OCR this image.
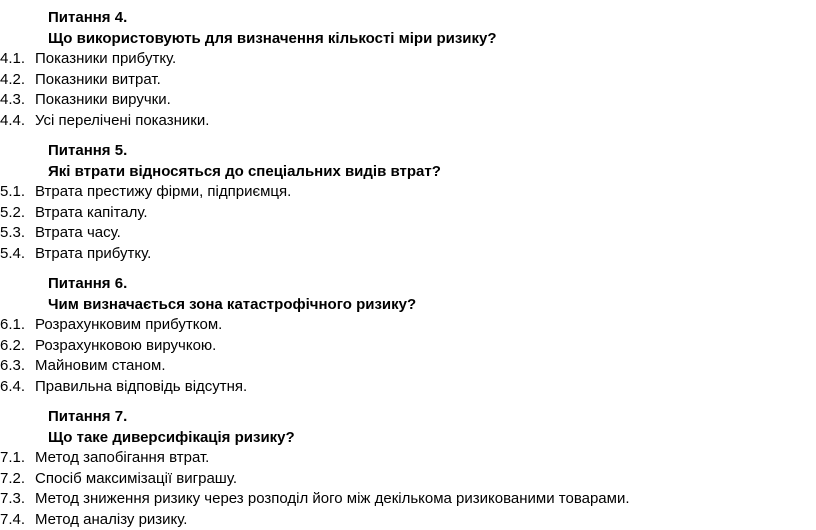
Питання 4.
Що використовують для визначення кількості міри ризику?
4.1. Показники прибутку.
4.2. Показники витрат.
4.3. Показники виручки.
4.4. Усі перелічені показники.
Питання 5.
Які втрати відносяться до спеціальних видів втрат?
5.1. Втрата престижу фірми, підприємця.
5.2. Втрата капіталу.
5.3. Втрата часу.
5.4. Втрата прибутку.
Питання 6.
Чим визначається зона катастрофічного ризику?
6.1. Розрахунковим прибутком.
6.2. Розрахунковою виручкою.
6.3. Майновим станом.
6.4. Правильна відповідь відсутня.
Питання 7.
Що таке диверсифікація ризику?
7.1. Метод запобігання втрат.
7.2. Спосіб максимізації виграшу.
7.3. Метод зниження ризику через розподіл його між декількома ризикованими товарами.
7.4. Метод аналізу ризику.
